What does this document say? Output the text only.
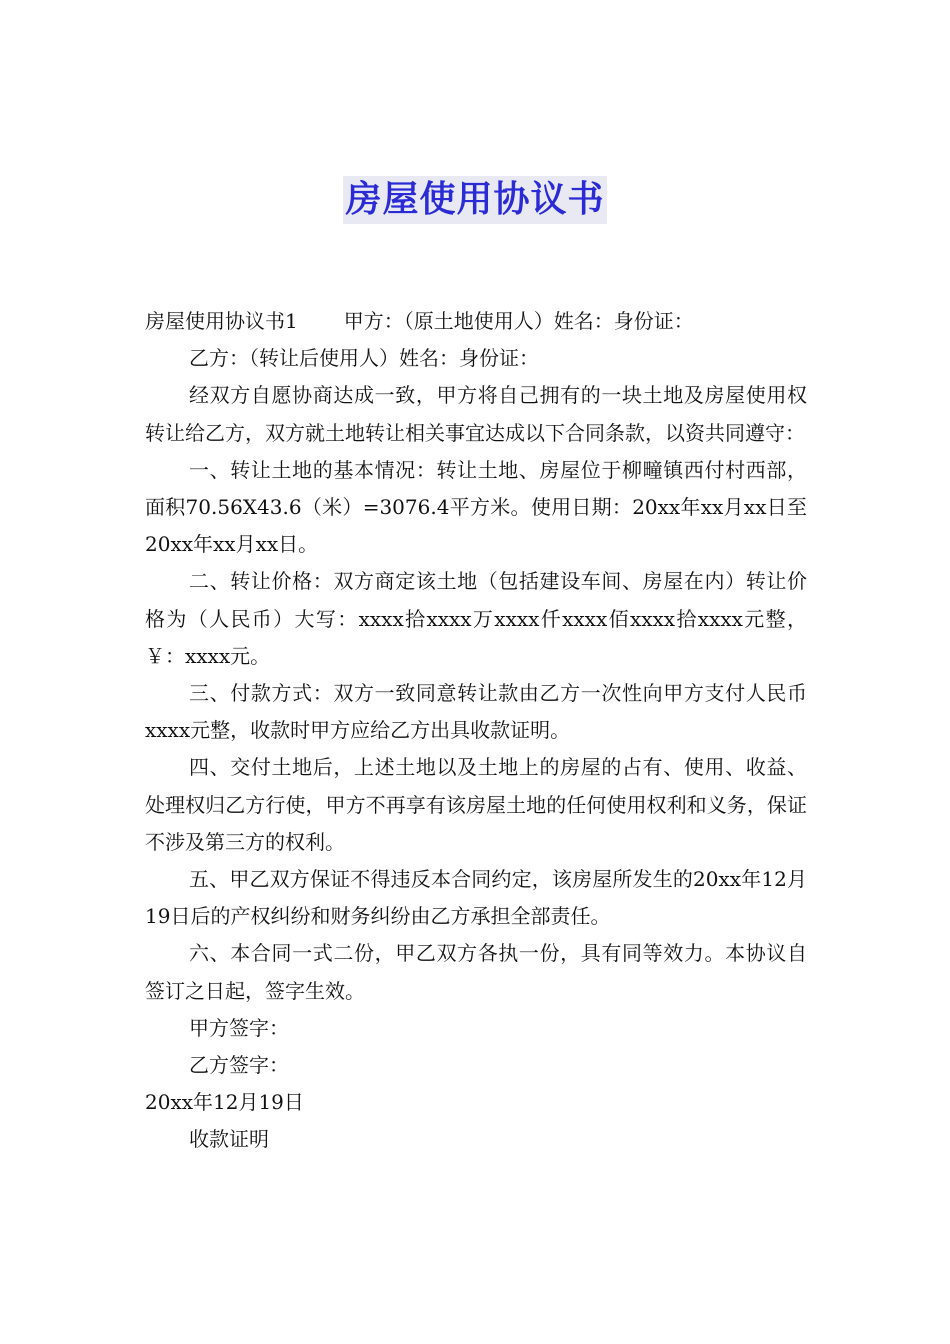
房屋使用协议书

房屋使用协议书1 甲方：（原土地使用人）姓名：身份证：

乙方：（转让后使用人）姓名：身份证：

经双方自愿协商达成一致，甲方将自己拥有的一块土地及房屋使用权转让给乙方，双方就土地转让相关事宜达成以下合同条款，以资共同遵守：

一、转让土地的基本情况：转让土地、房屋位于柳疃镇西付村西部，面积70.56X43.6（米）=3076.4平方米。使用日期：20xx年xx月xx日至20xx年xx月xx日。

二、转让价格：双方商定该土地（包括建设车间、房屋在内）转让价格为（人民币）大写：xxxx拾xxxx万xxxx仟xxxx佰xxxx拾xxxx元整，￥：xxxx元。

三、付款方式：双方一致同意转让款由乙方一次性向甲方支付人民币xxxx元整，收款时甲方应给乙方出具收款证明。

四、交付土地后，上述土地以及土地上的房屋的占有、使用、收益、处理权归乙方行使，甲方不再享有该房屋土地的任何使用权利和义务，保证不涉及第三方的权利。

五、甲乙双方保证不得违反本合同约定，该房屋所发生的20xx年12月19日后的产权纠纷和财务纠纷由乙方承担全部责任。

六、本合同一式二份，甲乙双方各执一份，具有同等效力。本协议自签订之日起，签字生效。

甲方签字：

乙方签字：

20xx年12月19日

收款证明
